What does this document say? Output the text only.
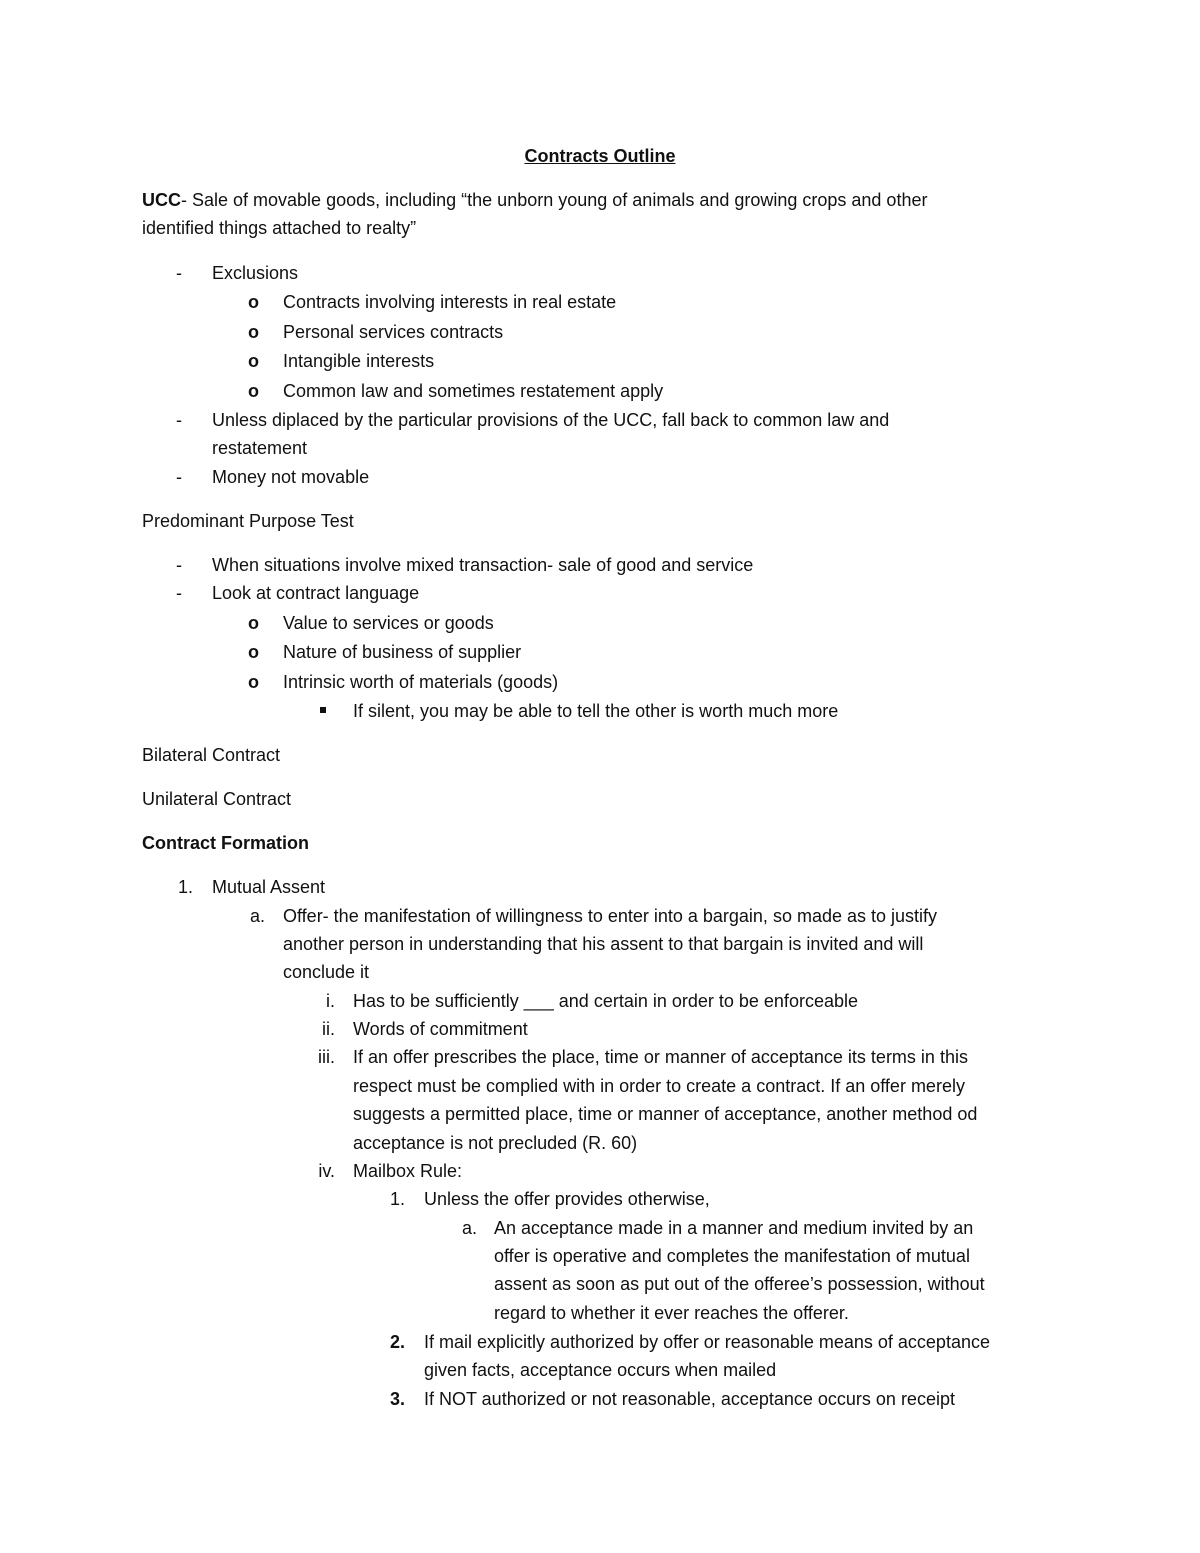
Contracts Outline
UCC- Sale of movable goods, including “the unborn young of animals and growing crops and other
identified things attached to realty”
- Exclusions
o Contracts involving interests in real estate
o Personal services contracts
o Intangible interests
o Common law and sometimes restatement apply
- Unless diplaced by the particular provisions of the UCC, fall back to common law and
restatement
- Money not movable
Predominant Purpose Test
- When situations involve mixed transaction- sale of good and service
- Look at contract language
o Value to services or goods
o Nature of business of supplier
o Intrinsic worth of materials (goods)
If silent, you may be able to tell the other is worth much more
Bilateral Contract
Unilateral Contract
Contract Formation
1. Mutual Assent
a. Offer- the manifestation of willingness to enter into a bargain, so made as to justify
another person in understanding that his assent to that bargain is invited and will
conclude it
i. Has to be sufficiently ___ and certain in order to be enforceable
ii. Words of commitment
iii. If an offer prescribes the place, time or manner of acceptance its terms in this
respect must be complied with in order to create a contract. If an offer merely
suggests a permitted place, time or manner of acceptance, another method od
acceptance is not precluded (R. 60)
iv. Mailbox Rule:
1. Unless the offer provides otherwise,
a. An acceptance made in a manner and medium invited by an
offer is operative and completes the manifestation of mutual
assent as soon as put out of the offeree’s possession, without
regard to whether it ever reaches the offerer.
2. If mail explicitly authorized by offer or reasonable means of acceptance
given facts, acceptance occurs when mailed
3. If NOT authorized or not reasonable, acceptance occurs on receipt
